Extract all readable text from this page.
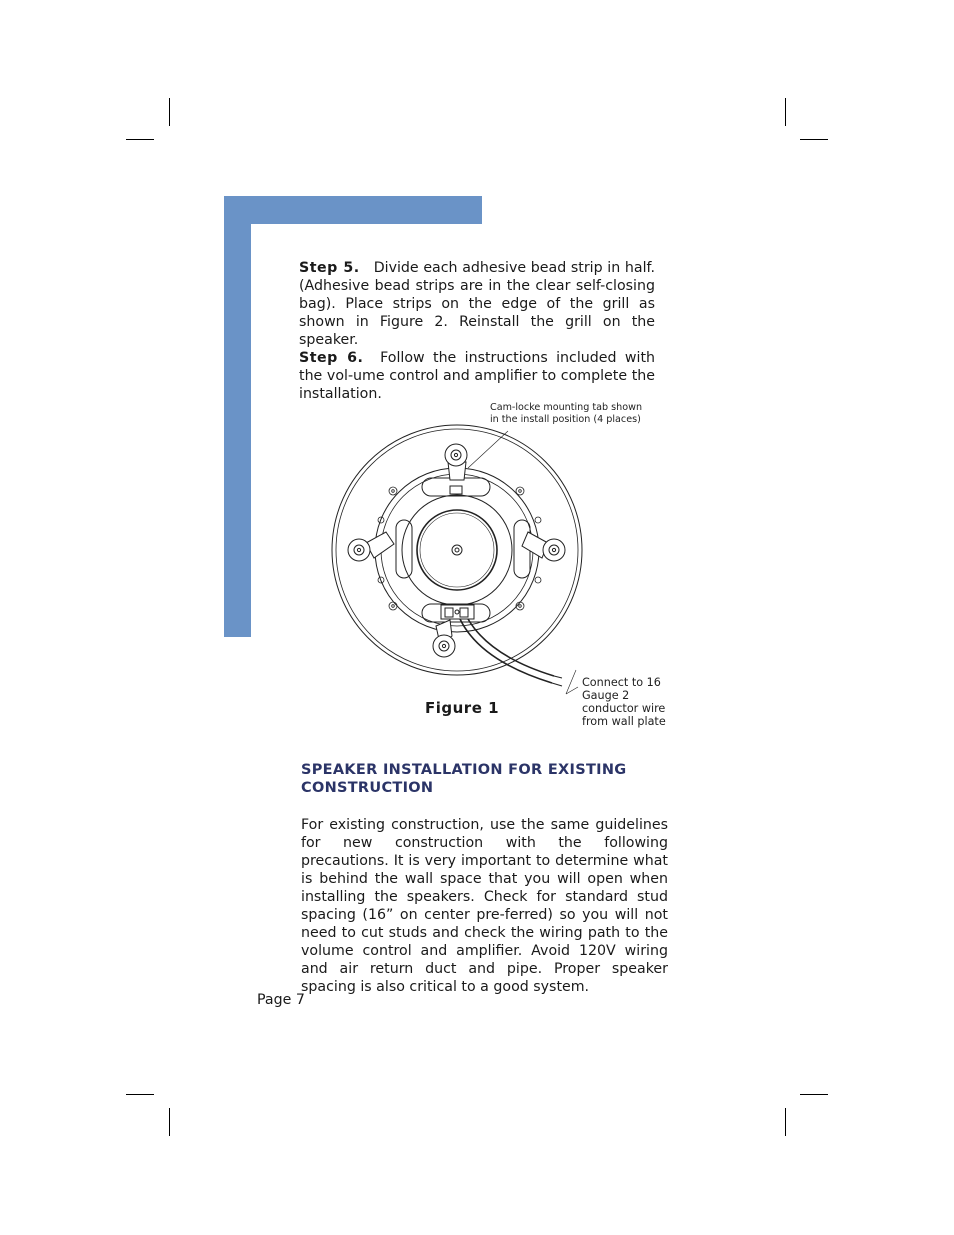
Step 5. Divide each adhesive bead strip in half. (Adhesive bead strips are in the clear self-closing bag). Place strips on the edge of the grill as shown in Figure 2. Reinstall the grill on the speaker.

Step 6. Follow the instructions included with the vol-ume control and amplifier to complete the installation.

Cam-locke mounting tab shown
in the install position (4 places)
Connect to 16
Gauge 2
conductor wire
from wall plate
Figure 1
SPEAKER INSTALLATION FOR EXISTING
CONSTRUCTION

For existing construction, use the same guidelines for new construction with the following precautions. It is very important to determine what is behind the wall space that you will open when installing the speakers. Check for standard stud spacing (16” on center pre-ferred) so you will not need to cut studs and check the wiring path to the volume control and amplifier. Avoid 120V wiring and air return duct and pipe. Proper speaker spacing is also critical to a good system.

Page 7
